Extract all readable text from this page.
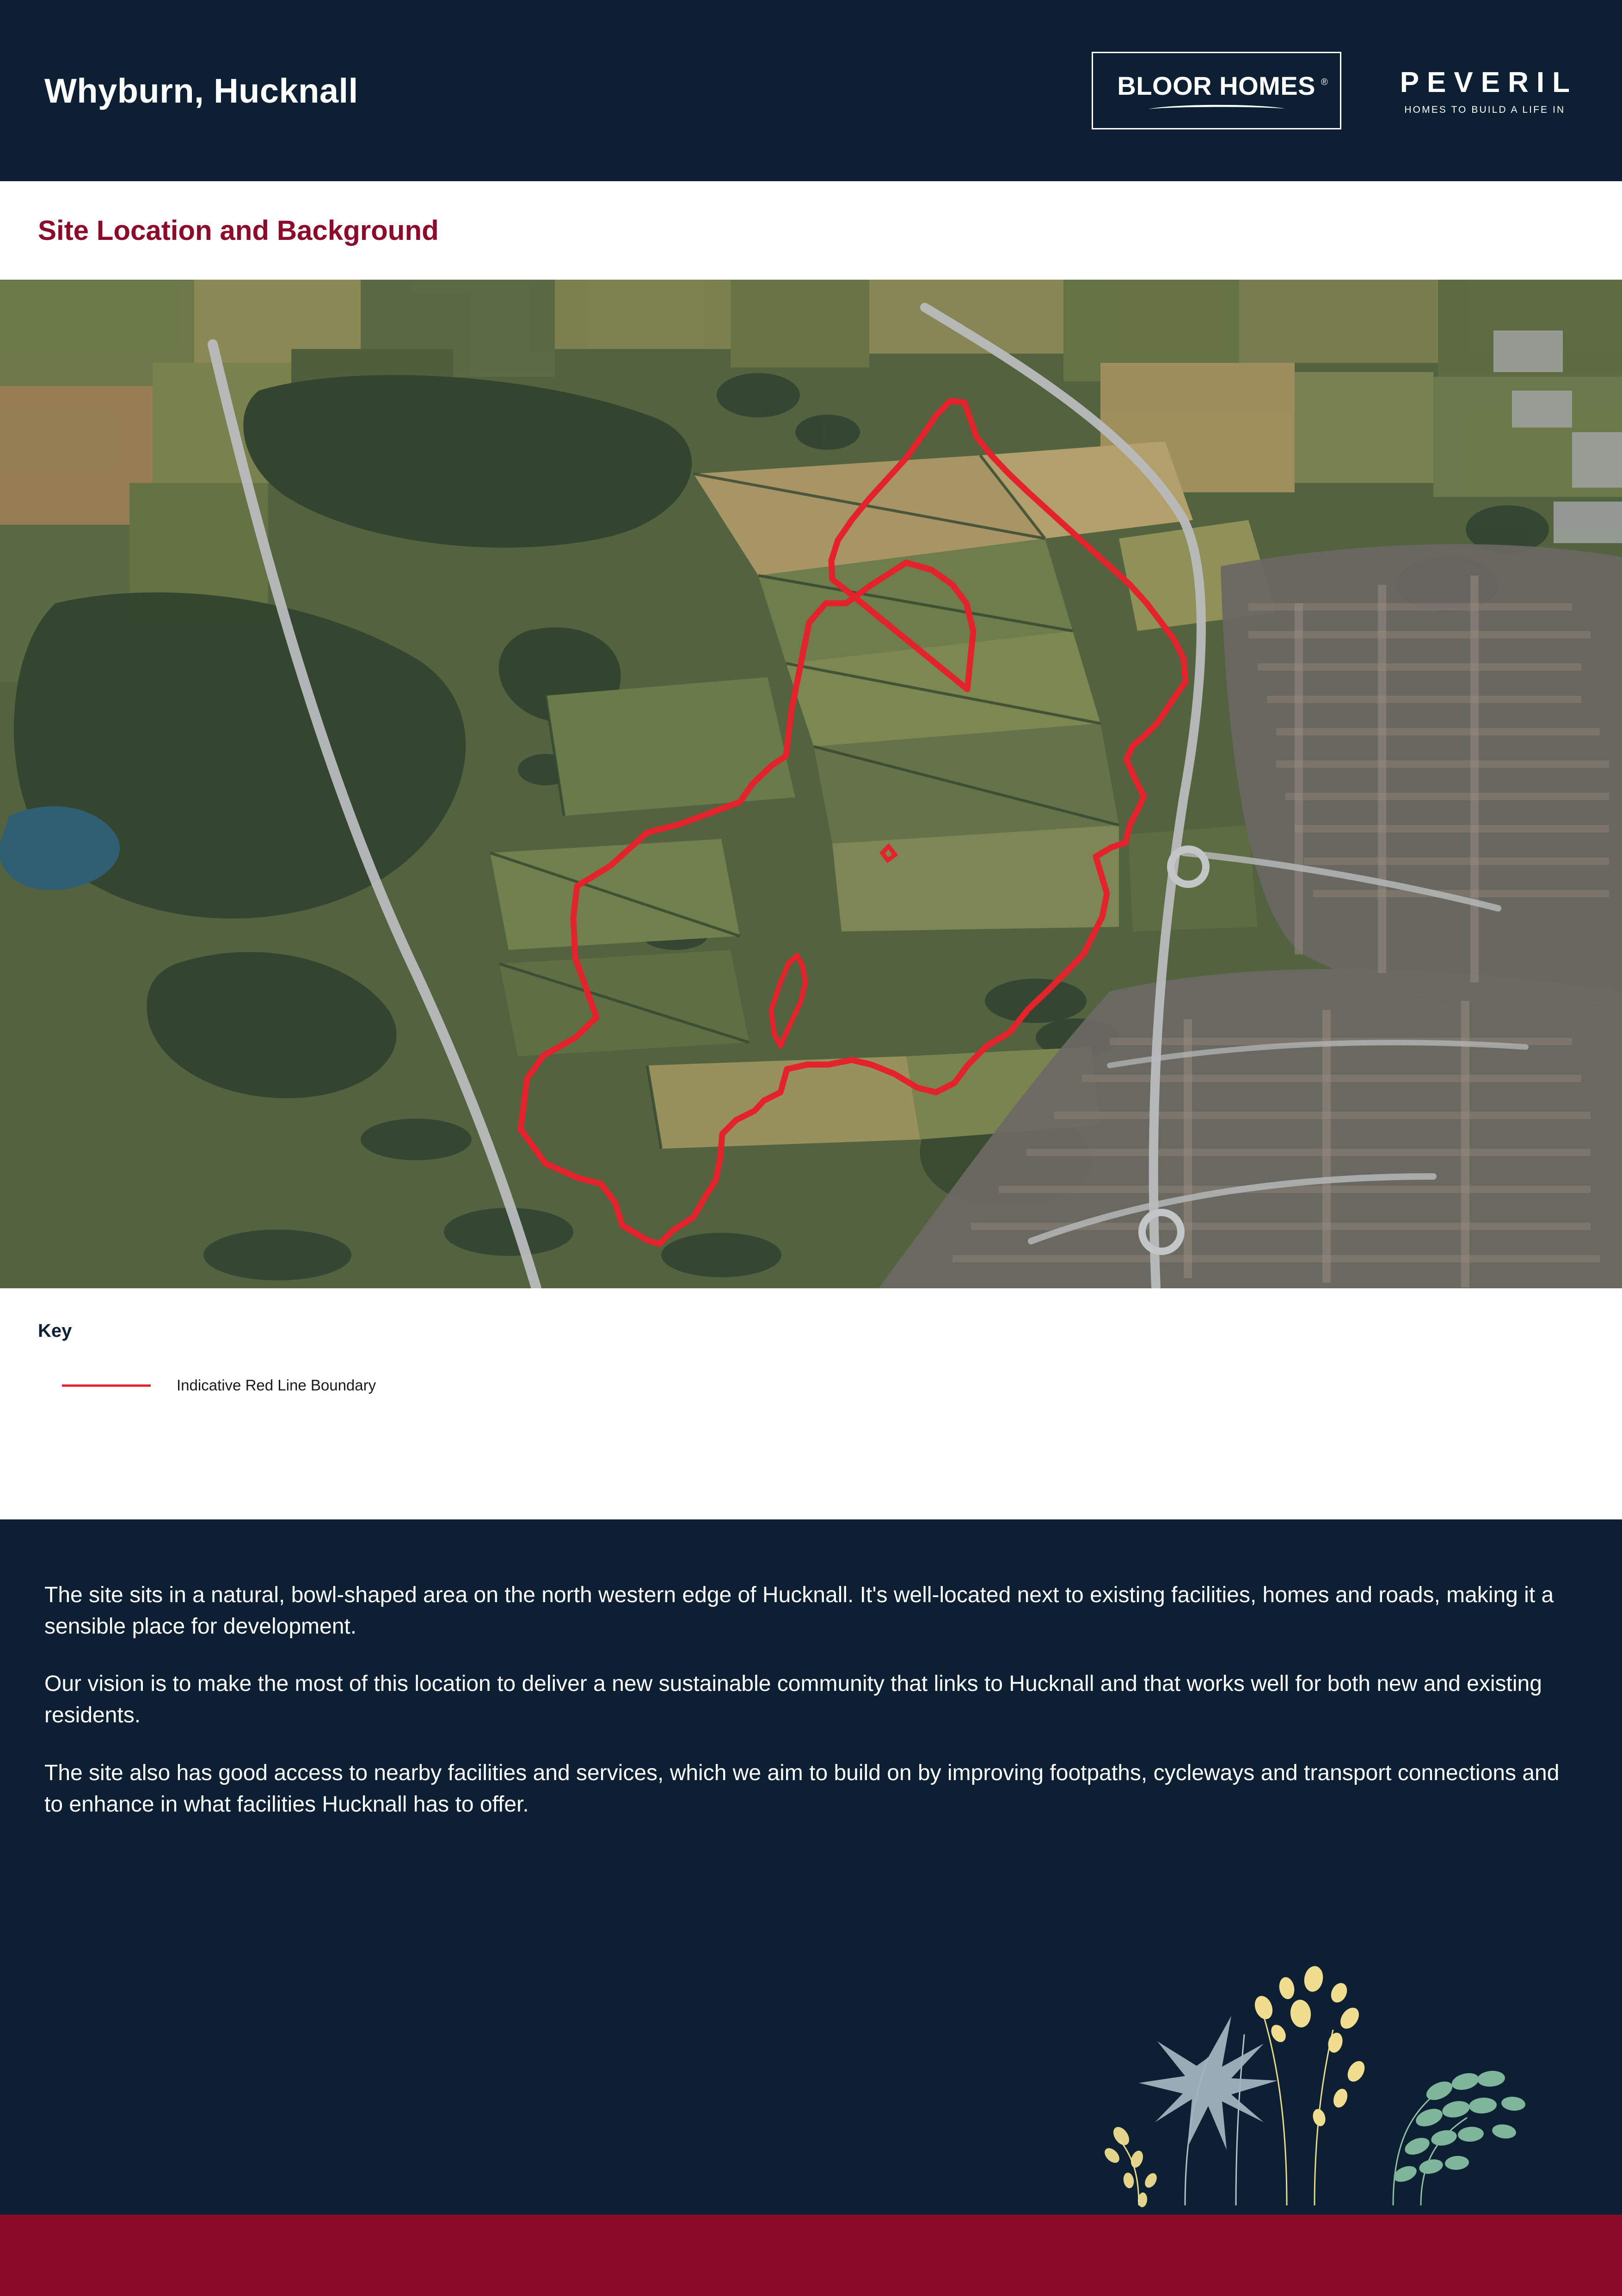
Whyburn, Hucknall	BLOOR HOMES ®	PEVERIL
HOMES TO BUILD A LIFE IN
Site Location and Background
Key
Indicative Red Line Boundary

The site sits in a natural, bowl-shaped area on the north western edge of Hucknall. It's well-located next to existing facilities, homes and roads, making it a sensible place for development.

Our vision is to make the most of this location to deliver a new sustainable community that links to Hucknall and that works well for both new and existing residents.

The site also has good access to nearby facilities and services, which we aim to build on by improving footpaths, cycleways and transport connections and to enhance in what facilities Hucknall has to offer.
